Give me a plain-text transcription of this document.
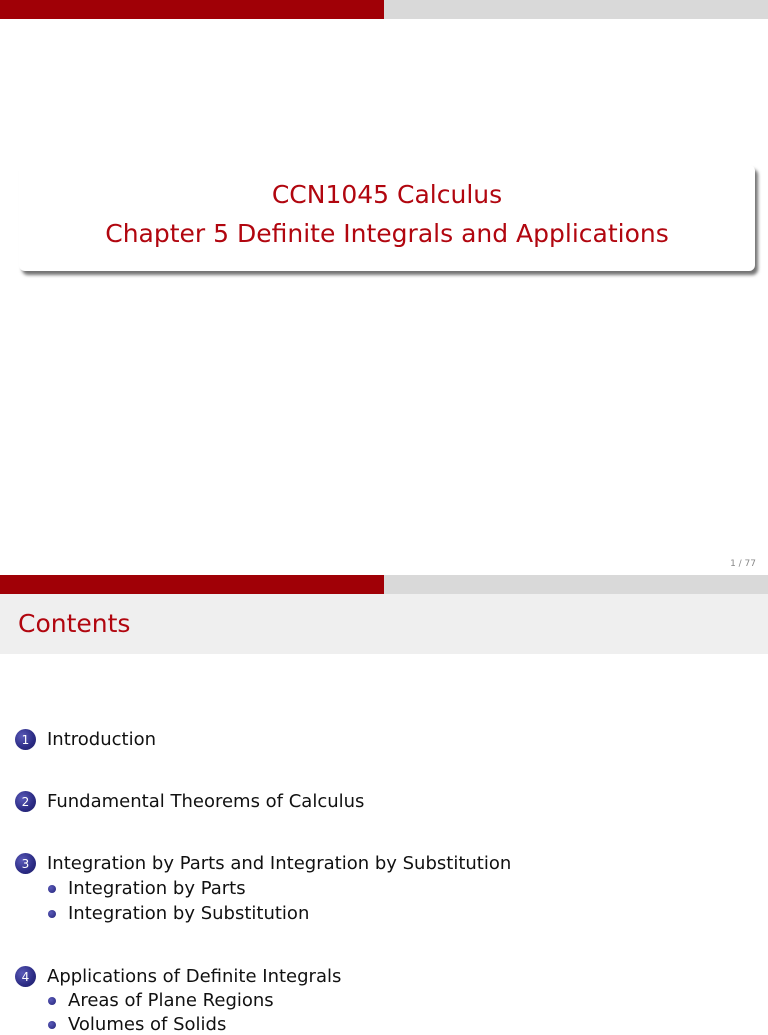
CCN1045 Calculus
Chapter 5 Definite Integrals and Applications
1 / 77
Contents
1 Introduction
2 Fundamental Theorems of Calculus
3 Integration by Parts and Integration by Substitution
Integration by Parts
Integration by Substitution
4 Applications of Definite Integrals
Areas of Plane Regions
Volumes of Solids
